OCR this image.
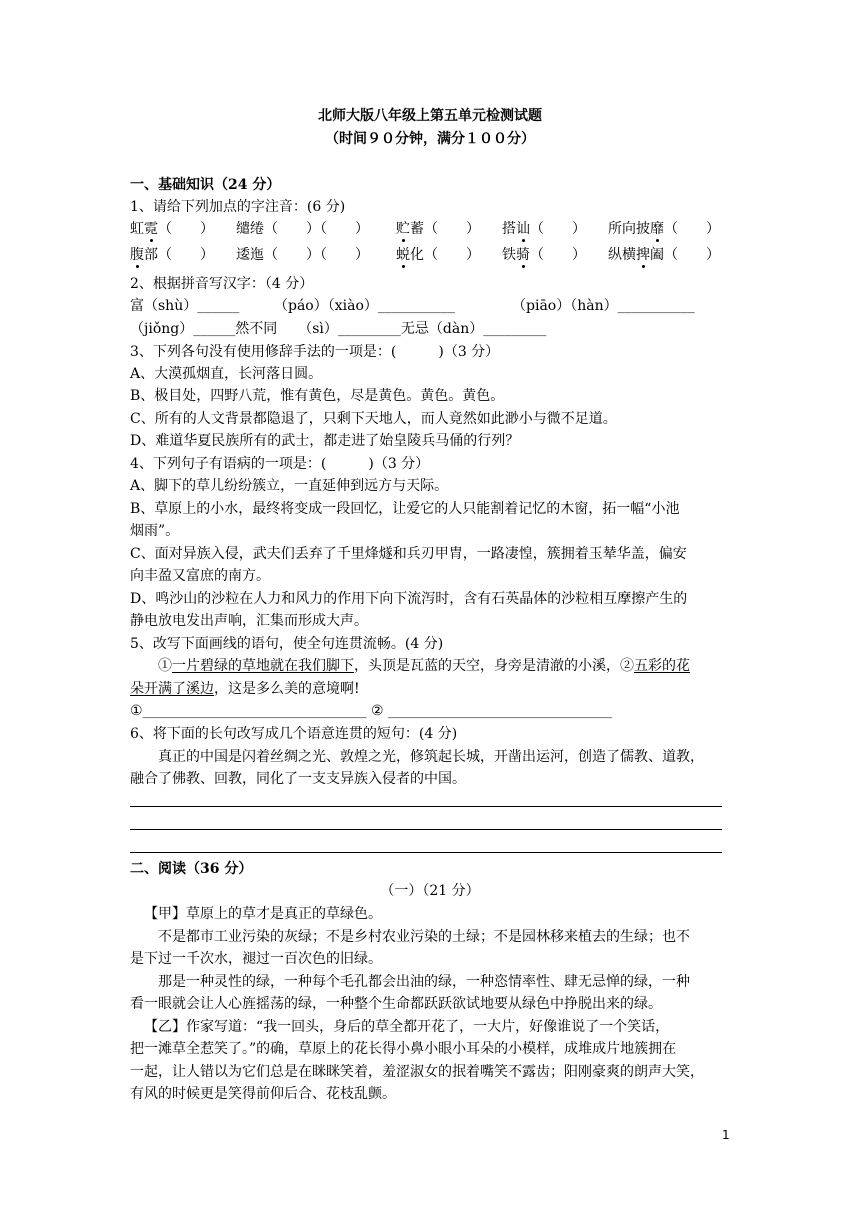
北师大版八年级上第五单元检测试题
（时间９０分钟，满分１００分）
一、基础知识（24 分）
1、请给下列加点的字注音：(6 分)
虹霓（　　） 缱绻（　　）（　　） 贮蓄（　　） 搭讪（　　） 所向披靡（　　）
腹部（　　） 逶迤（　　）（　　） 蜕化（　　） 铁骑（　　） 纵横捭阖（　　）
2、根据拼音写汉字：（4 分）
富（shù）______ （páo）（xiào）___________	（piāo）（hàn）___________
（jiǒng）______然不同　　（sì）_________无忌（dàn）_________
3、下列各句没有使用修辞手法的一项是：(　　　)（3 分）
A、大漠孤烟直，长河落日圆。
B、极目处，四野八荒，惟有黄色，尽是黄色。黄色。黄色。
C、所有的人文背景都隐退了，只剩下天地人，而人竟然如此渺小与微不足道。
D、难道华夏民族所有的武士，都走进了始皇陵兵马俑的行列？
4、下列句子有语病的一项是：(　　　)（3 分）
A、脚下的草儿纷纷簇立，一直延伸到远方与天际。
B、草原上的小水，最终将变成一段回忆，让爱它的人只能割着记忆的木窗，拓一幅“小池
烟雨”。
C、面对异族入侵，武夫们丢弃了千里烽燧和兵刃甲胄，一路凄惶，簇拥着玉辇华盖，偏安
向丰盈又富庶的南方。
D、鸣沙山的沙粒在人力和风力的作用下向下流泻时，含有石英晶体的沙粒相互摩擦产生的
静电放电发出声响，汇集而形成大声。
5、改写下面画线的语句，使全句连贯流畅。(4 分)
①一片碧绿的草地就在我们脚下，头顶是瓦蓝的天空，身旁是清澈的小溪，②五彩的花
朵开满了溪边，这是多么美的意境啊!
①________________________________ ② ________________________________
6、将下面的长句改写成几个语意连贯的短句：(4 分)
真正的中国是闪着丝绸之光、敦煌之光，修筑起长城，开凿出运河，创造了儒教、道教，
融合了佛教、回教，同化了一支支异族入侵者的中国。
二、阅读（36 分）
（一）（21 分）
【甲】草原上的草才是真正的草绿色。
不是都市工业污染的灰绿；不是乡村农业污染的土绿；不是园林移来植去的生绿；也不
是下过一千次水，褪过一百次色的旧绿。
那是一种灵性的绿，一种每个毛孔都会出油的绿，一种恣情率性、肆无忌惮的绿，一种
看一眼就会让人心旌摇荡的绿，一种整个生命都跃跃欲试地要从绿色中挣脱出来的绿。
【乙】作家写道：“我一回头，身后的草全都开花了，一大片，好像谁说了一个笑话，
把一滩草全惹笑了。”的确，草原上的花长得小鼻小眼小耳朵的小模样，成堆成片地簇拥在
一起，让人错以为它们总是在眯眯笑着，羞涩淑女的抿着嘴笑不露齿；阳刚豪爽的朗声大笑，
有风的时候更是笑得前仰后合、花枝乱颤。
1
